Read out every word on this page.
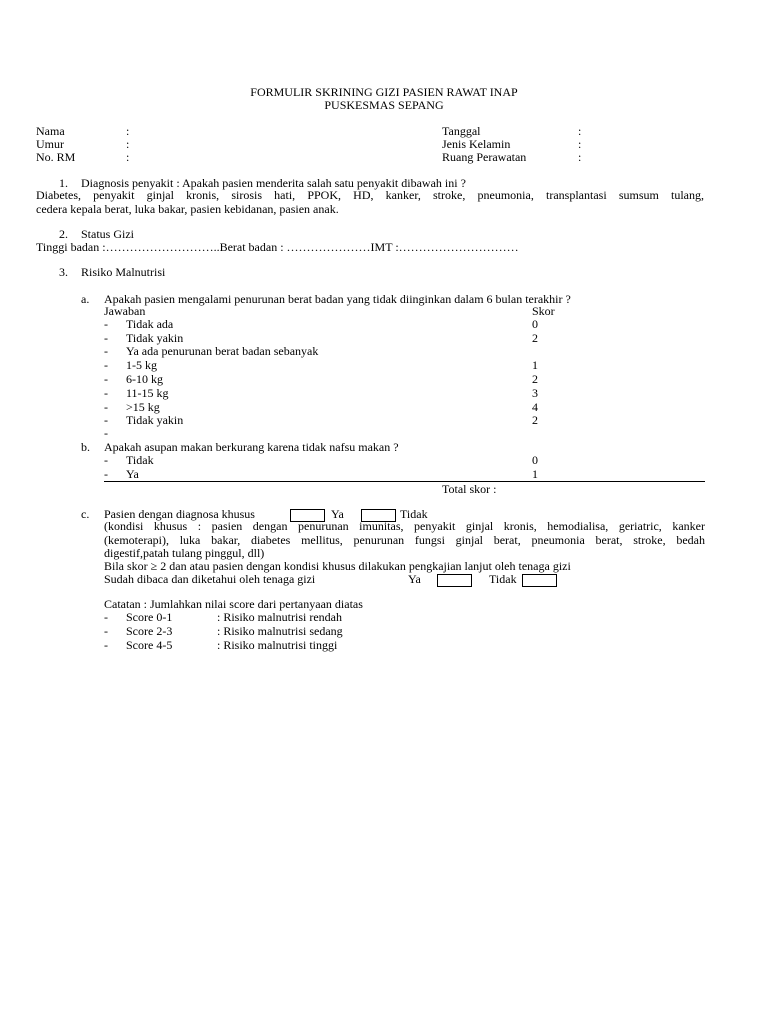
FORMULIR SKRINING GIZI PASIEN RAWAT INAP
PUSKESMAS SEPANG
Nama	:
Umur	:
No. RM	:
Tanggal	:
Jenis Kelamin	:
Ruang Perawatan	:
1. Diagnosis penyakit : Apakah pasien menderita salah satu penyakit dibawah ini ?
Diabetes, penyakit ginjal kronis, sirosis hati, PPOK, HD, kanker, stroke, pneumonia, transplantasi sumsum tulang,
cedera kepala berat, luka bakar, pasien kebidanan, pasien anak.
2. Status Gizi
Tinggi badan :………………………..Berat badan : …………………IMT :…………………………
3. Risiko Malnutrisi
a. Apakah pasien mengalami penurunan berat badan yang tidak diinginkan dalam 6 bulan terakhir ?
Jawaban	Skor
- Tidak ada	0
- Tidak yakin	2
- Ya ada penurunan berat badan sebanyak
- 1-5 kg	1
- 6-10 kg	2
- 11-15 kg	3
- >15 kg	4
- Tidak yakin	2
-
b. Apakah asupan makan berkurang karena tidak nafsu makan ?
- Tidak	0
- Ya	1
Total skor :
c. Pasien dengan diagnosa khusus	Ya	Tidak
(kondisi khusus : pasien dengan penurunan imunitas, penyakit ginjal kronis, hemodialisa, geriatric, kanker
(kemoterapi), luka bakar, diabetes mellitus, penurunan fungsi ginjal berat, pneumonia berat, stroke, bedah
digestif,patah tulang pinggul, dll)
Bila skor ≥ 2 dan atau pasien dengan kondisi khusus dilakukan pengkajian lanjut oleh tenaga gizi
Sudah dibaca dan diketahui oleh tenaga gizi	Ya	Tidak
Catatan : Jumlahkan nilai score dari pertanyaan diatas
- Score 0-1	: Risiko malnutrisi rendah
- Score 2-3	: Risiko malnutrisi sedang
- Score 4-5	: Risiko malnutrisi tinggi
